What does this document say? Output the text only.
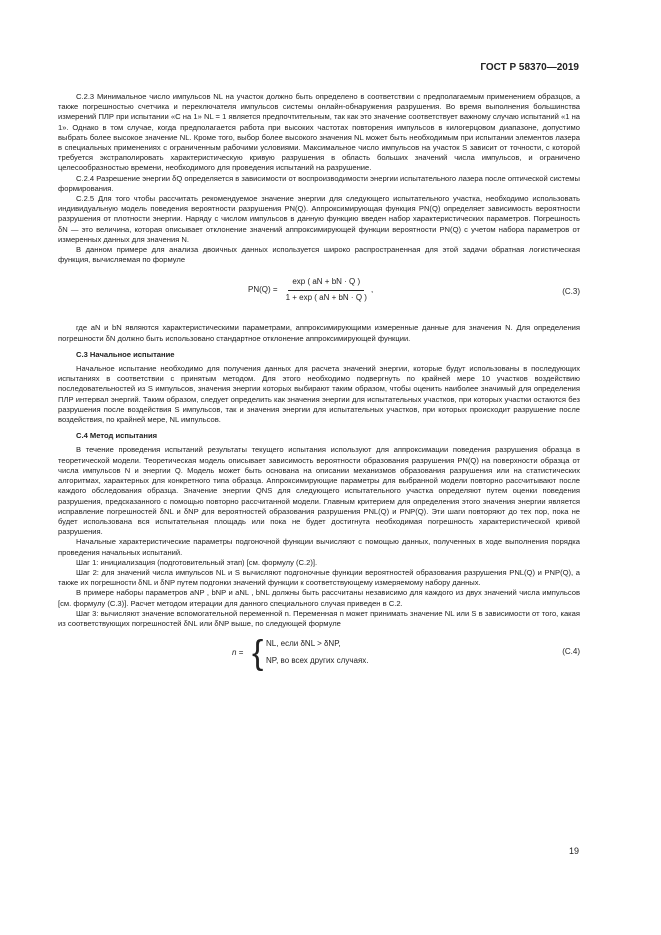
ГОСТ Р 58370—2019

С.2.3 Минимальное число импульсов NL на участок должно быть определено в соответствии с предполагаемым применением образцов, а также погрешностью счетчика и переключателя импульсов системы онлайн-обнаружения разрушения. Во время выполнения большинства измерений ПЛР при испытании «С на 1» NL = 1 является предпочтительным, так как это значение соответствует важному случаю испытаний «1 на 1». Однако в том случае, когда предполагается работа при высоких частотах повторения импульсов в килогерцовом диапазоне, допустимо выбрать более высокое значение NL. Кроме того, выбор более высокого значения NL может быть необходимым при испытании элементов лазера в специальных применениях с ограниченным рабочими условиями. Максимальное число импульсов на участок S зависит от точности, с которой требуется экстраполировать характеристическую кривую разрушения в область больших значений числа импульсов, и ограничено целесообразностью времени, необходимого для проведения испытаний на разрушение.

С.2.4 Разрешение энергии δQ определяется в зависимости от воспроизводимости энергии испытательного лазера после оптической системы формирования.

С.2.5 Для того чтобы рассчитать рекомендуемое значение энергии для следующего испытательного участка, необходимо использовать индивидуальную модель поведения вероятности разрушения PN(Q). Аппроксимирующая функция PN(Q) определяет зависимость вероятности разрушения от плотности энергии. Наряду с числом импульсов в данную функцию введен набор характеристических параметров. Погрешность δN — это величина, которая описывает отклонение значений аппроксимирующей функции вероятности PN(Q) с учетом набора параметров от измеренных данных для значения N.

В данном примере для анализа двоичных данных используется широко распространенная для этой задачи обратная логистическая функция, вычисляемая по формуле

$PN(Q) = \frac{\exp ( aN + bN \cdot Q )}{1 + \exp ( aN + bN \cdot Q )}$ ,	(С.3)

где aN и bN являются характеристическими параметрами, аппроксимирующими измеренные данные для значения N. Для определения погрешности δN должно быть использовано стандартное отклонение аппроксимирующей функции.

С.3 Начальное испытание

Начальное испытание необходимо для получения данных для расчета значений энергии, которые будут использованы в последующих испытаниях в соответствии с принятым методом. Для этого необходимо подвергнуть по крайней мере 10 участков воздействию последовательностей из S импульсов, значения энергии которых выбирают таким образом, чтобы оценить наиболее значимый для определения ПЛР интервал энергий. Таким образом, следует определить как значения энергии для испытательных участков, при которых участки остаются без разрушения после воздействия S импульсов, так и значения энергии для испытательных участков, при которых происходит разрушение после воздействия, по крайней мере, NL импульсов.

С.4 Метод испытания

В течение проведения испытаний результаты текущего испытания используют для аппроксимации поведения разрушения образца в теоретической модели. Теоретическая модель описывает зависимость вероятности образования разрушения PN(Q) на поверхности образца от числа импульсов N и энергии Q. Модель может быть основана на описании механизмов образования разрушения или на статистических алгоритмах, характерных для конкретного типа образца. Аппроксимирующие параметры для выбранной модели повторно рассчитывают после каждого обследования образца. Значение энергии QNS для следующего испытательного участка определяют путем оценки поведения разрушения, предсказанного с помощью повторно рассчитанной модели. Главным критерием для определения этого значения энергии является исправление погрешностей δNL и δNP для вероятностей образования разрушения PNL(Q) и PNP(Q). Эти шаги повторяют до тех пор, пока не будет использована вся испытательная площадь или пока не будет достигнута необходимая погрешность характеристической кривой разрушения.

Начальные характеристические параметры подгоночной функции вычисляют с помощью данных, полученных в ходе выполнения порядка проведения начальных испытаний.

Шаг 1: инициализация (подготовительный этап) [см. формулу (С.2)].

Шаг 2: для значений числа импульсов NL и S вычисляют подгоночные функции вероятностей образования разрушения PNL(Q) и PNP(Q), а также их погрешности δNL и δNP путем подгонки значений функции к соответствующему измеряемому набору данных.

В примере наборы параметров aNP , bNP и aNL , bNL должны быть рассчитаны независимо для каждого из двух значений числа импульсов [см. формулу (С.3)]. Расчет методом итерации для данного специального случая приведен в С.2.

Шаг 3: вычисляют значение вспомогательной переменной n. Переменная n может принимать значение NL или S в зависимости от того, какая из соответствующих погрешностей δNL или δNP выше, по следующей формуле

n = { NL, если δNL > δNP,
NP, во всех других случаях.
(С.4)
19
